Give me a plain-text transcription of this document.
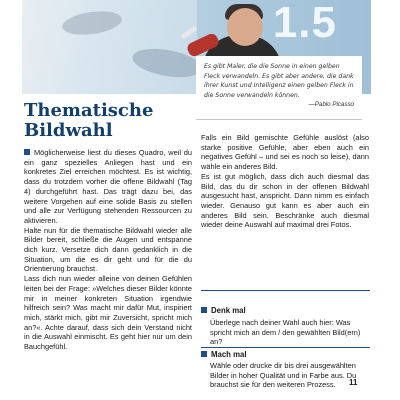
1.5

Es gibt Maler, die die Sonne in einen gelben Fleck verwandeln. Es gibt aber andere, die dank ihrer Kunst und Intelligenz einen gelben Fleck in die Sonne verwandeln können.

—Pablo Picasso
Thematische Bildwahl

Möglicherweise liest du dieses Quadro, weil du ein ganz spezielles Anliegen hast und ein konkretes Ziel erreichen möchtest. Es ist wichtig, dass du trotzdem vorher die offene Bildwahl (Tag 4) durchgeführt hast. Das trägt dazu bei, das weitere Vorgehen auf eine solide Basis zu stellen und alle zur Verfügung stehenden Ressourcen zu aktivieren.

Halte nun für die thematische Bildwahl wieder alle Bilder bereit, schließe die Augen und entspanne dich kurz. Versetze dich dann gedanklich in die Situation, um die es dir geht und für die du Orientierung brauchst.

Lass dich nun wieder alleine von deinen Gefühlen leiten bei der Frage: »Welches dieser Bilder könnte mir in meiner konkreten Situation irgendwie hilfreich sein? Was macht mir dafür Mut, inspiriert mich, stärkt mich, gibt mir Zuversicht, spricht mich an?«. Achte darauf, dass sich dein Verstand nicht in die Auswahl einmischt. Es geht hier nur um dein Bauchgefühl.

Falls ein Bild gemischte Gefühle auslöst (also starke positive Gefühle, aber eben auch ein negatives Gefühl – und sei es noch so leise), dann wähle ein anderes Bild.

Es ist gut möglich, dass dich auch diesmal das Bild, das du dir schon in der offenen Bildwahl ausgesucht hast, anspricht. Dann nimm es einfach wieder. Genauso gut kann es aber auch ein anderes Bild sein. Beschränke auch diesmal wieder deine Auswahl auf maximal drei Fotos.

Denk mal
Überlege nach deiner Wahl auch hier: Was spricht mich an dem / den gewählten Bild(ern) an?
Mach mal
Wähle oder drucke dir bis drei ausgewählten Bilder in hoher Qualität und in Farbe aus. Du brauchst sie für den weiteren Prozess.	11
